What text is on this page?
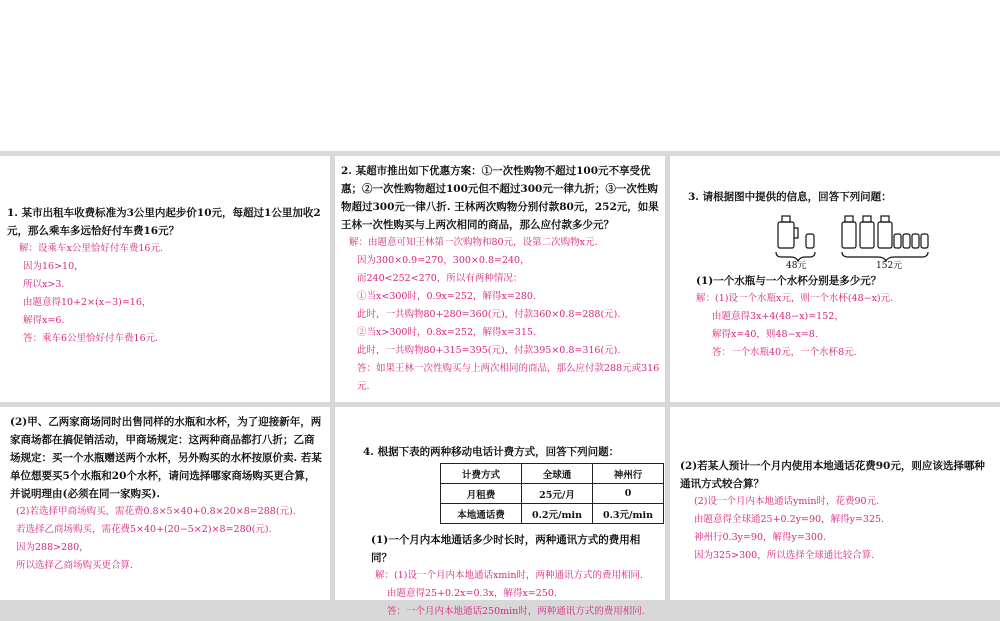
1. 某市出租车收费标准为3公里内起步价10元，每超过1公里加收2元，那么乘车多远恰好付车费16元？

解：设乘车x公里恰好付车费16元.

因为16>10，

所以x>3.

由题意得10+2×(x−3)=16，

解得x=6.

答：乘车6公里恰好付车费16元.

2. 某超市推出如下优惠方案：①一次性购物不超过100元不享受优惠；②一次性购物超过100元但不超过300元一律九折；③一次性购物超过300元一律八折. 王林两次购物分别付款80元，252元，如果王林一次性购买与上两次相同的商品，那么应付款多少元？

解：由题意可知王林第一次购物和80元，设第二次购物x元.

因为300×0.9=270，300×0.8=240，

而240<252<270，所以有两种情况：

①当x<300时，0.9x=252，解得x=280.

此时，一共购物80+280=360(元)，付款360×0.8=288(元).

②当x>300时，0.8x=252，解得x=315.

此时，一共购物80+315=395(元)，付款395×0.8=316(元).

答：如果王林一次性购买与上两次相同的商品，那么应付款288元或316元.

3. 请根据图中提供的信息，回答下列问题：

48元	152元

(1)一个水瓶与一个水杯分别是多少元？

解：(1)设一个水瓶x元，则一个水杯(48−x)元.

由题意得3x+4(48−x)=152，

解得x=40，则48−x=8.

答：一个水瓶40元，一个水杯8元.

(2)甲、乙两家商场同时出售同样的水瓶和水杯，为了迎接新年，两家商场都在搞促销活动，甲商场规定：这两种商品都打八折；乙商场规定：买一个水瓶赠送两个水杯，另外购买的水杯按原价卖. 若某单位想要买5个水瓶和20个水杯，请问选择哪家商场购买更合算，并说明理由(必须在同一家购买).

(2)若选择甲商场购买，需花费0.8×5×40+0.8×20×8=288(元).

若选择乙商场购买，需花费5×40+(20−5×2)×8=280(元).

因为288>280，

所以选择乙商场购买更合算.

4. 根据下表的两种移动电话计费方式，回答下列问题：

计费方式	全球通	神州行
月租费	25元/月	0
本地通话费	0.2元/min	0.3元/min

(1)一个月内本地通话多少时长时，两种通讯方式的费用相同？

解：(1)设一个月内本地通话xmin时，两种通讯方式的费用相同.

由题意得25+0.2x=0.3x，解得x=250.

答：一个月内本地通话250min时，两种通讯方式的费用相同.

(2)若某人预计一个月内使用本地通话花费90元，则应该选择哪种通讯方式较合算？

(2)设一个月内本地通话ymin时，花费90元.

由题意得全球通25+0.2y=90，解得y=325.

神州行0.3y=90，解得y=300.

因为325>300，所以选择全球通比较合算.
